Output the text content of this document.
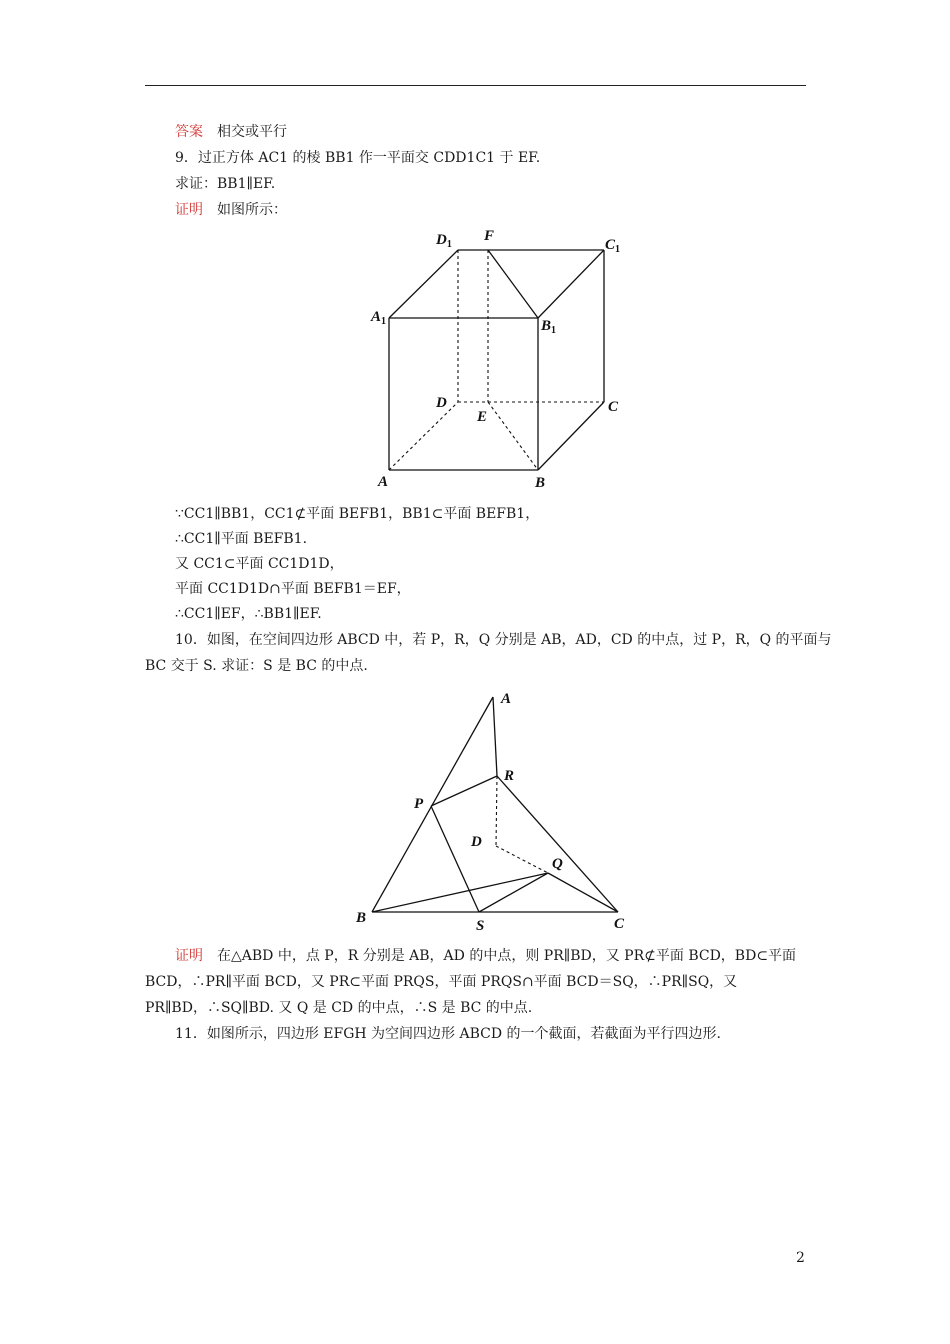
答案 相交或平行
9．过正方体 AC1 的棱 BB1 作一平面交 CDD1C1 于 EF.
求证：BB1∥EF.
证明 如图所示：
$D_1$
F
$C_1$
$A_1$	$B_1$
D
E
C
A	B
∵CC1∥BB1，CC1⊄平面 BEFB1，BB1⊂平面 BEFB1，
∴CC1∥平面 BEFB1.
又 CC1⊂平面 CC1D1D，
平面 CC1D1D∩平面 BEFB1＝EF，
∴CC1∥EF，∴BB1∥EF.
10．如图，在空间四边形 ABCD 中，若 P，R，Q 分别是 AB，AD，CD 的中点，过 P，R，Q 的平面与
BC 交于 S. 求证：S 是 BC 的中点.
A
R
P
D
Q
B	S	C
证明 在△ABD 中，点 P，R 分别是 AB，AD 的中点，则 PR∥BD，又 PR⊄平面 BCD，BD⊂平面
BCD，∴PR∥平面 BCD，又 PR⊂平面 PRQS，平面 PRQS∩平面 BCD＝SQ，∴PR∥SQ，又
PR∥BD，∴SQ∥BD. 又 Q 是 CD 的中点，∴S 是 BC 的中点.
11．如图所示，四边形 EFGH 为空间四边形 ABCD 的一个截面，若截面为平行四边形.
2
